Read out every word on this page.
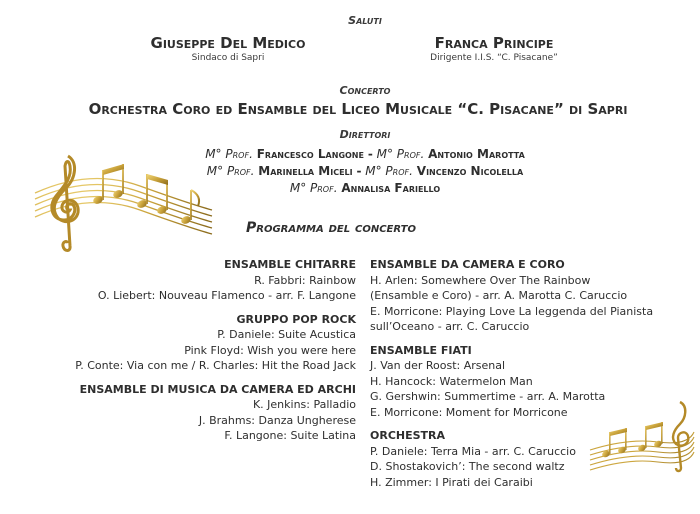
Saluti
Giuseppe Del Medico
Sindaco di Sapri
Franca Principe
Dirigente I.I.S. “C. Pisacane”
Concerto
Orchestra Coro ed Ensamble del Liceo Musicale “C. Pisacane” di Sapri
Direttori
M° Prof. Francesco Langone - M° Prof. Antonio Marotta
M° Prof. Marinella Miceli - M° Prof. Vincenzo Nicolella
M° Prof. Annalisa Fariello
Programma del concerto
ENSAMBLE CHITARRE
R. Fabbri: Rainbow
O. Liebert: Nouveau Flamenco - arr. F. Langone
GRUPPO POP ROCK
P. Daniele: Suite Acustica
Pink Floyd: Wish you were here
P. Conte: Via con me / R. Charles: Hit the Road Jack
ENSAMBLE DI MUSICA DA CAMERA ED ARCHI
K. Jenkins: Palladio
J. Brahms: Danza Ungherese
F. Langone: Suite Latina
ENSAMBLE DA CAMERA E CORO
H. Arlen: Somewhere Over The Rainbow
(Ensamble e Coro) - arr. A. Marotta C. Caruccio
E. Morricone: Playing Love La leggenda del Pianista
sull’Oceano - arr. C. Caruccio
ENSAMBLE FIATI
J. Van der Roost: Arsenal
H. Hancock: Watermelon Man
G. Gershwin: Summertime - arr. A. Marotta
E. Morricone: Moment for Morricone
ORCHESTRA
P. Daniele: Terra Mia - arr. C. Caruccio
D. Shostakovich’: The second waltz
H. Zimmer: I Pirati dei Caraibi
